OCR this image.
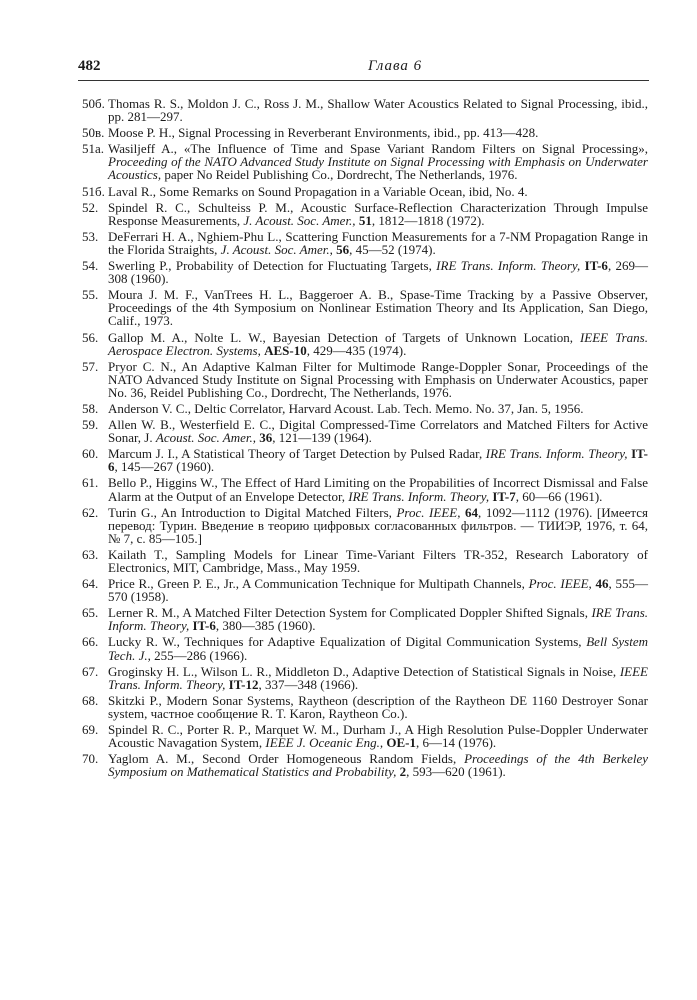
482	Глава 6
50б. Thomas R. S., Moldon J. C., Ross J. M., Shallow Water Acoustics Related to Signal Processing, ibid., pp. 281—297.
50в. Moose P. H., Signal Processing in Reverberant Environments, ibid., pp. 413—428.
51а. Wasiljeff A., «The Influence of Time and Spase Variant Random Filters on Signal Processing», Proceeding of the NATO Advanced Study Institute on Signal Processing with Emphasis on Underwater Acoustics, paper No Reidel Publishing Co., Dordrecht, The Netherlands, 1976.
51б. Laval R., Some Remarks on Sound Propagation in a Variable Ocean, ibid, No. 4.
52. Spindel R. C., Schulteiss P. M., Acoustic Surface-Reflection Characterization Through Impulse Response Measurements, J. Acoust. Soc. Amer., 51, 1812—1818 (1972).
53. DeFerrari H. A., Nghiem-Phu L., Scattering Function Measurements for a 7-NM Propagation Range in the Florida Straights, J. Acoust. Soc. Amer., 56, 45—52 (1974).
54. Swerling P., Probability of Detection for Fluctuating Targets, IRE Trans. Inform. Theory, IT-6, 269—308 (1960).
55. Moura J. M. F., VanTrees H. L., Baggeroer A. B., Spase-Time Tracking by a Passive Observer, Proceedings of the 4th Symposium on Nonlinear Estimation Theory and Its Application, San Diego, Calif., 1973.
56. Gallop M. A., Nolte L. W., Bayesian Detection of Targets of Unknown Location, IEEE Trans. Aerospace Electron. Systems, AES-10, 429—435 (1974).
57. Pryor C. N., An Adaptive Kalman Filter for Multimode Range-Doppler Sonar, Proceedings of the NATO Advanced Study Institute on Signal Processing with Emphasis on Underwater Acoustics, paper No. 36, Reidel Publishing Co., Dordrecht, The Netherlands, 1976.
58. Anderson V. C., Deltic Correlator, Harvard Acoust. Lab. Tech. Memo. No. 37, Jan. 5, 1956.
59. Allen W. B., Westerfield E. C., Digital Compressed-Time Correlators and Matched Filters for Active Sonar, J. Acoust. Soc. Amer., 36, 121—139 (1964).
60. Marcum J. I., A Statistical Theory of Target Detection by Pulsed Radar, IRE Trans. Inform. Theory, IT-6, 145—267 (1960).
61. Bello P., Higgins W., The Effect of Hard Limiting on the Propabilities of Incorrect Dismissal and False Alarm at the Output of an Envelope Detector, IRE Trans. Inform. Theory, IT-7, 60—66 (1961).
62. Turin G., An Introduction to Digital Matched Filters, Proc. IEEE, 64, 1092—1112 (1976). [Имеется перевод: Турин. Введение в теорию цифровых согласованных фильтров. — ТИИЭР, 1976, т. 64, № 7, с. 85—105.]
63. Kailath T., Sampling Models for Linear Time-Variant Filters TR-352, Research Laboratory of Electronics, MIT, Cambridge, Mass., May 1959.
64. Price R., Green P. E., Jr., A Communication Technique for Multipath Channels, Proc. IEEE, 46, 555—570 (1958).
65. Lerner R. M., A Matched Filter Detection System for Complicated Doppler Shifted Signals, IRE Trans. Inform. Theory, IT-6, 380—385 (1960).
66. Lucky R. W., Techniques for Adaptive Equalization of Digital Communication Systems, Bell System Tech. J., 255—286 (1966).
67. Groginsky H. L., Wilson L. R., Middleton D., Adaptive Detection of Statistical Signals in Noise, IEEE Trans. Inform. Theory, IT-12, 337—348 (1966).
68. Skitzki P., Modern Sonar Systems, Raytheon (description of the Raytheon DE 1160 Destroyer Sonar system, частное сообщение R. T. Karon, Raytheon Co.).
69. Spindel R. C., Porter R. P., Marquet W. M., Durham J., A High Resolution Pulse-Doppler Underwater Acoustic Navagation System, IEEE J. Oceanic Eng., OE-1, 6—14 (1976).
70. Yaglom A. M., Second Order Homogeneous Random Fields, Proceedings of the 4th Berkeley Symposium on Mathematical Statistics and Probability, 2, 593—620 (1961).
